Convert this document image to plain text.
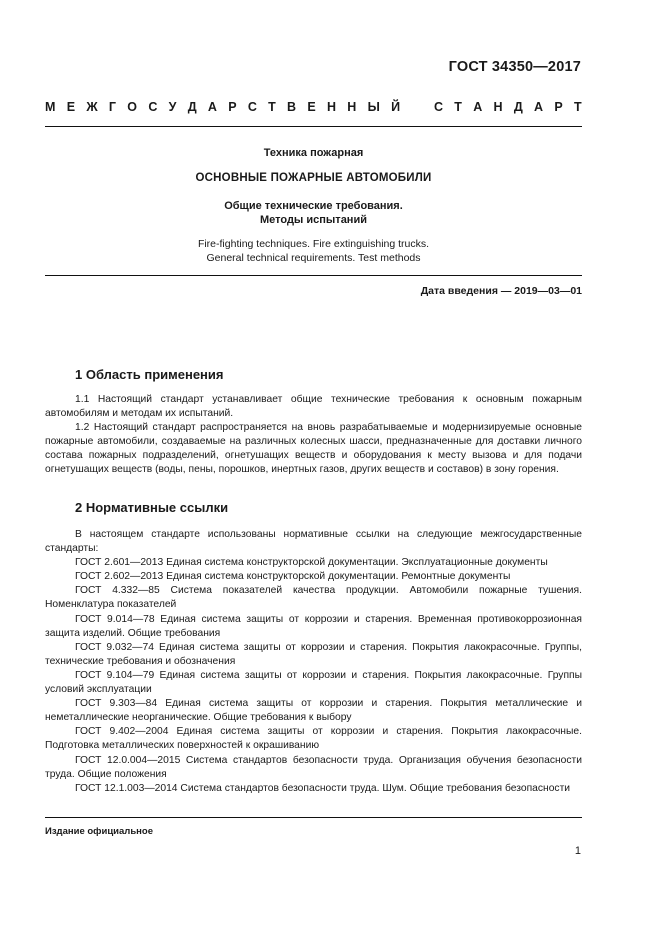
ГОСТ 34350—2017
М Е Ж Г О С У Д А Р С Т В Е Н Н Ы Й	С Т А Н Д А Р Т
Техника пожарная
ОСНОВНЫЕ ПОЖАРНЫЕ АВТОМОБИЛИ
Общие технические требования.
Методы испытаний
Fire-fighting techniques. Fire extinguishing trucks.
General technical requirements. Test methods
Дата введения — 2019—03—01
1 Область применения

1.1 Настоящий стандарт устанавливает общие технические требования к основным пожарным автомобилям и методам их испытаний.

1.2 Настоящий стандарт распространяется на вновь разрабатываемые и модернизируемые основные пожарные автомобили, создаваемые на различных колесных шасси, предназначенные для доставки личного состава пожарных подразделений, огнетушащих веществ и оборудования к месту вызова и для подачи огнетушащих веществ (воды, пены, порошков, инертных газов, других веществ и составов) в зону горения.

2 Нормативные ссылки

В настоящем стандарте использованы нормативные ссылки на следующие межгосударственные стандарты:

ГОСТ 2.601—2013 Единая система конструкторской документации. Эксплуатационные документы

ГОСТ 2.602—2013 Единая система конструкторской документации. Ремонтные документы

ГОСТ 4.332—85 Система показателей качества продукции. Автомобили пожарные тушения. Номенклатура показателей

ГОСТ 9.014—78 Единая система защиты от коррозии и старения. Временная противокоррозионная защита изделий. Общие требования

ГОСТ 9.032—74 Единая система защиты от коррозии и старения. Покрытия лакокрасочные. Группы, технические требования и обозначения

ГОСТ 9.104—79 Единая система защиты от коррозии и старения. Покрытия лакокрасочные. Группы условий эксплуатации

ГОСТ 9.303—84 Единая система защиты от коррозии и старения. Покрытия металлические и неметаллические неорганические. Общие требования к выбору

ГОСТ 9.402—2004 Единая система защиты от коррозии и старения. Покрытия лакокрасочные. Подготовка металлических поверхностей к окрашиванию

ГОСТ 12.0.004—2015 Система стандартов безопасности труда. Организация обучения безопасности труда. Общие положения

ГОСТ 12.1.003—2014 Система стандартов безопасности труда. Шум. Общие требования безопасности

Издание официальное
1
